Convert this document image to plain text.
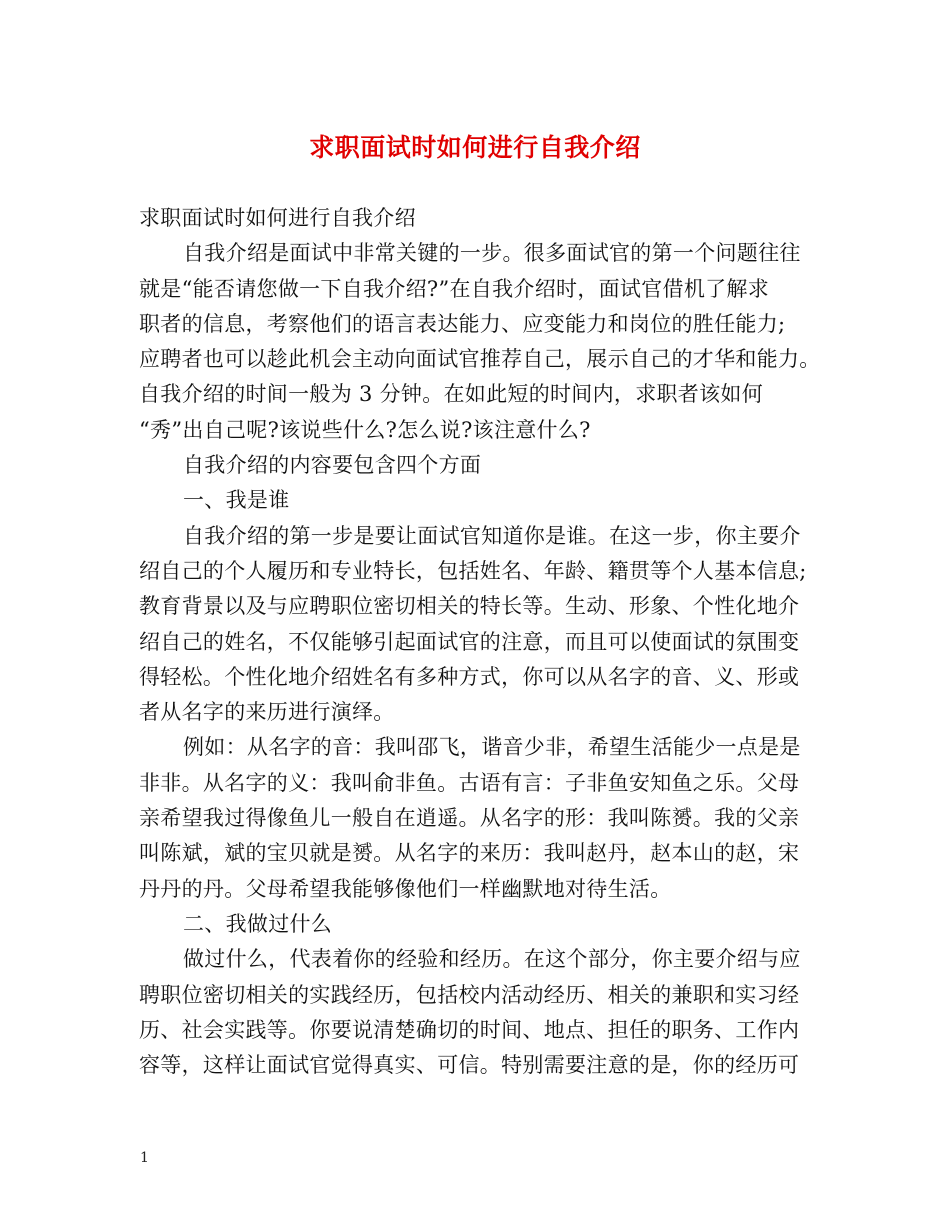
求职面试时如何进行自我介绍
求职面试时如何进行自我介绍
自我介绍是面试中非常关键的一步。很多面试官的第一个问题往往
就是“能否请您做一下自我介绍?”在自我介绍时，面试官借机了解求
职者的信息，考察他们的语言表达能力、应变能力和岗位的胜任能力;
应聘者也可以趁此机会主动向面试官推荐自己，展示自己的才华和能力。
自我介绍的时间一般为 3 分钟。在如此短的时间内，求职者该如何
“秀”出自己呢?该说些什么?怎么说?该注意什么?
自我介绍的内容要包含四个方面
一、我是谁
自我介绍的第一步是要让面试官知道你是谁。在这一步，你主要介
绍自己的个人履历和专业特长，包括姓名、年龄、籍贯等个人基本信息;
教育背景以及与应聘职位密切相关的特长等。生动、形象、个性化地介
绍自己的姓名，不仅能够引起面试官的注意，而且可以使面试的氛围变
得轻松。个性化地介绍姓名有多种方式，你可以从名字的音、义、形或
者从名字的来历进行演绎。
例如：从名字的音：我叫邵飞，谐音少非，希望生活能少一点是是
非非。从名字的义：我叫俞非鱼。古语有言：子非鱼安知鱼之乐。父母
亲希望我过得像鱼儿一般自在逍遥。从名字的形：我叫陈赟。我的父亲
叫陈斌，斌的宝贝就是赟。从名字的来历：我叫赵丹，赵本山的赵，宋
丹丹的丹。父母希望我能够像他们一样幽默地对待生活。
二、我做过什么
做过什么，代表着你的经验和经历。在这个部分，你主要介绍与应
聘职位密切相关的实践经历，包括校内活动经历、相关的兼职和实习经
历、社会实践等。你要说清楚确切的时间、地点、担任的职务、工作内
容等，这样让面试官觉得真实、可信。特别需要注意的是，你的经历可
1
